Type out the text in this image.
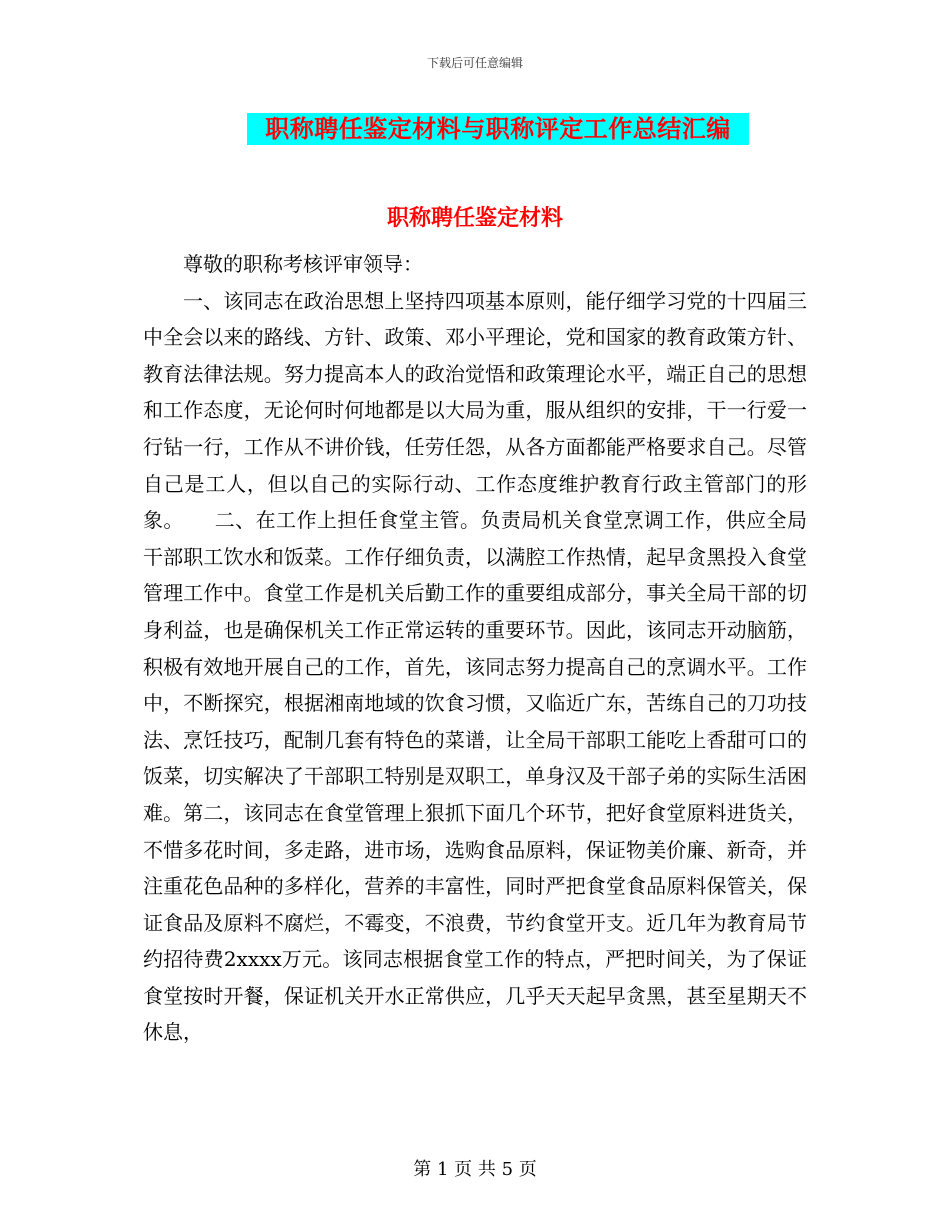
下载后可任意编辑
职称聘任鉴定材料与职称评定工作总结汇编
职称聘任鉴定材料

尊敬的职称考核评审领导：

一、该同志在政治思想上坚持四项基本原则，能仔细学习党的十四届三中全会以来的路线、方针、政策、邓小平理论，党和国家的教育政策方针、教育法律法规。努力提高本人的政治觉悟和政策理论水平，端正自己的思想和工作态度，无论何时何地都是以大局为重，服从组织的安排，干一行爱一行钻一行，工作从不讲价钱，任劳任怨，从各方面都能严格要求自己。尽管自己是工人，但以自己的实际行动、工作态度维护教育行政主管部门的形象。　　二、在工作上担任食堂主管。负责局机关食堂烹调工作，供应全局干部职工饮水和饭菜。工作仔细负责，以满腔工作热情，起早贪黑投入食堂管理工作中。食堂工作是机关后勤工作的重要组成部分，事关全局干部的切身利益，也是确保机关工作正常运转的重要环节。因此，该同志开动脑筋，积极有效地开展自己的工作，首先，该同志努力提高自己的烹调水平。工作中，不断探究，根据湘南地域的饮食习惯，又临近广东，苦练自己的刀功技法、烹饪技巧，配制几套有特色的菜谱，让全局干部职工能吃上香甜可口的饭菜，切实解决了干部职工特别是双职工，单身汉及干部子弟的实际生活困难。第二，该同志在食堂管理上狠抓下面几个环节，把好食堂原料进货关，不惜多花时间，多走路，进市场，选购食品原料，保证物美价廉、新奇，并注重花色品种的多样化，营养的丰富性，同时严把食堂食品原料保管关，保证食品及原料不腐烂，不霉变，不浪费，节约食堂开支。近几年为教育局节约招待费2xxxx万元。该同志根据食堂工作的特点，严把时间关，为了保证食堂按时开餐，保证机关开水正常供应，几乎天天起早贪黑，甚至星期天不休息，

第 1 页 共 5 页
